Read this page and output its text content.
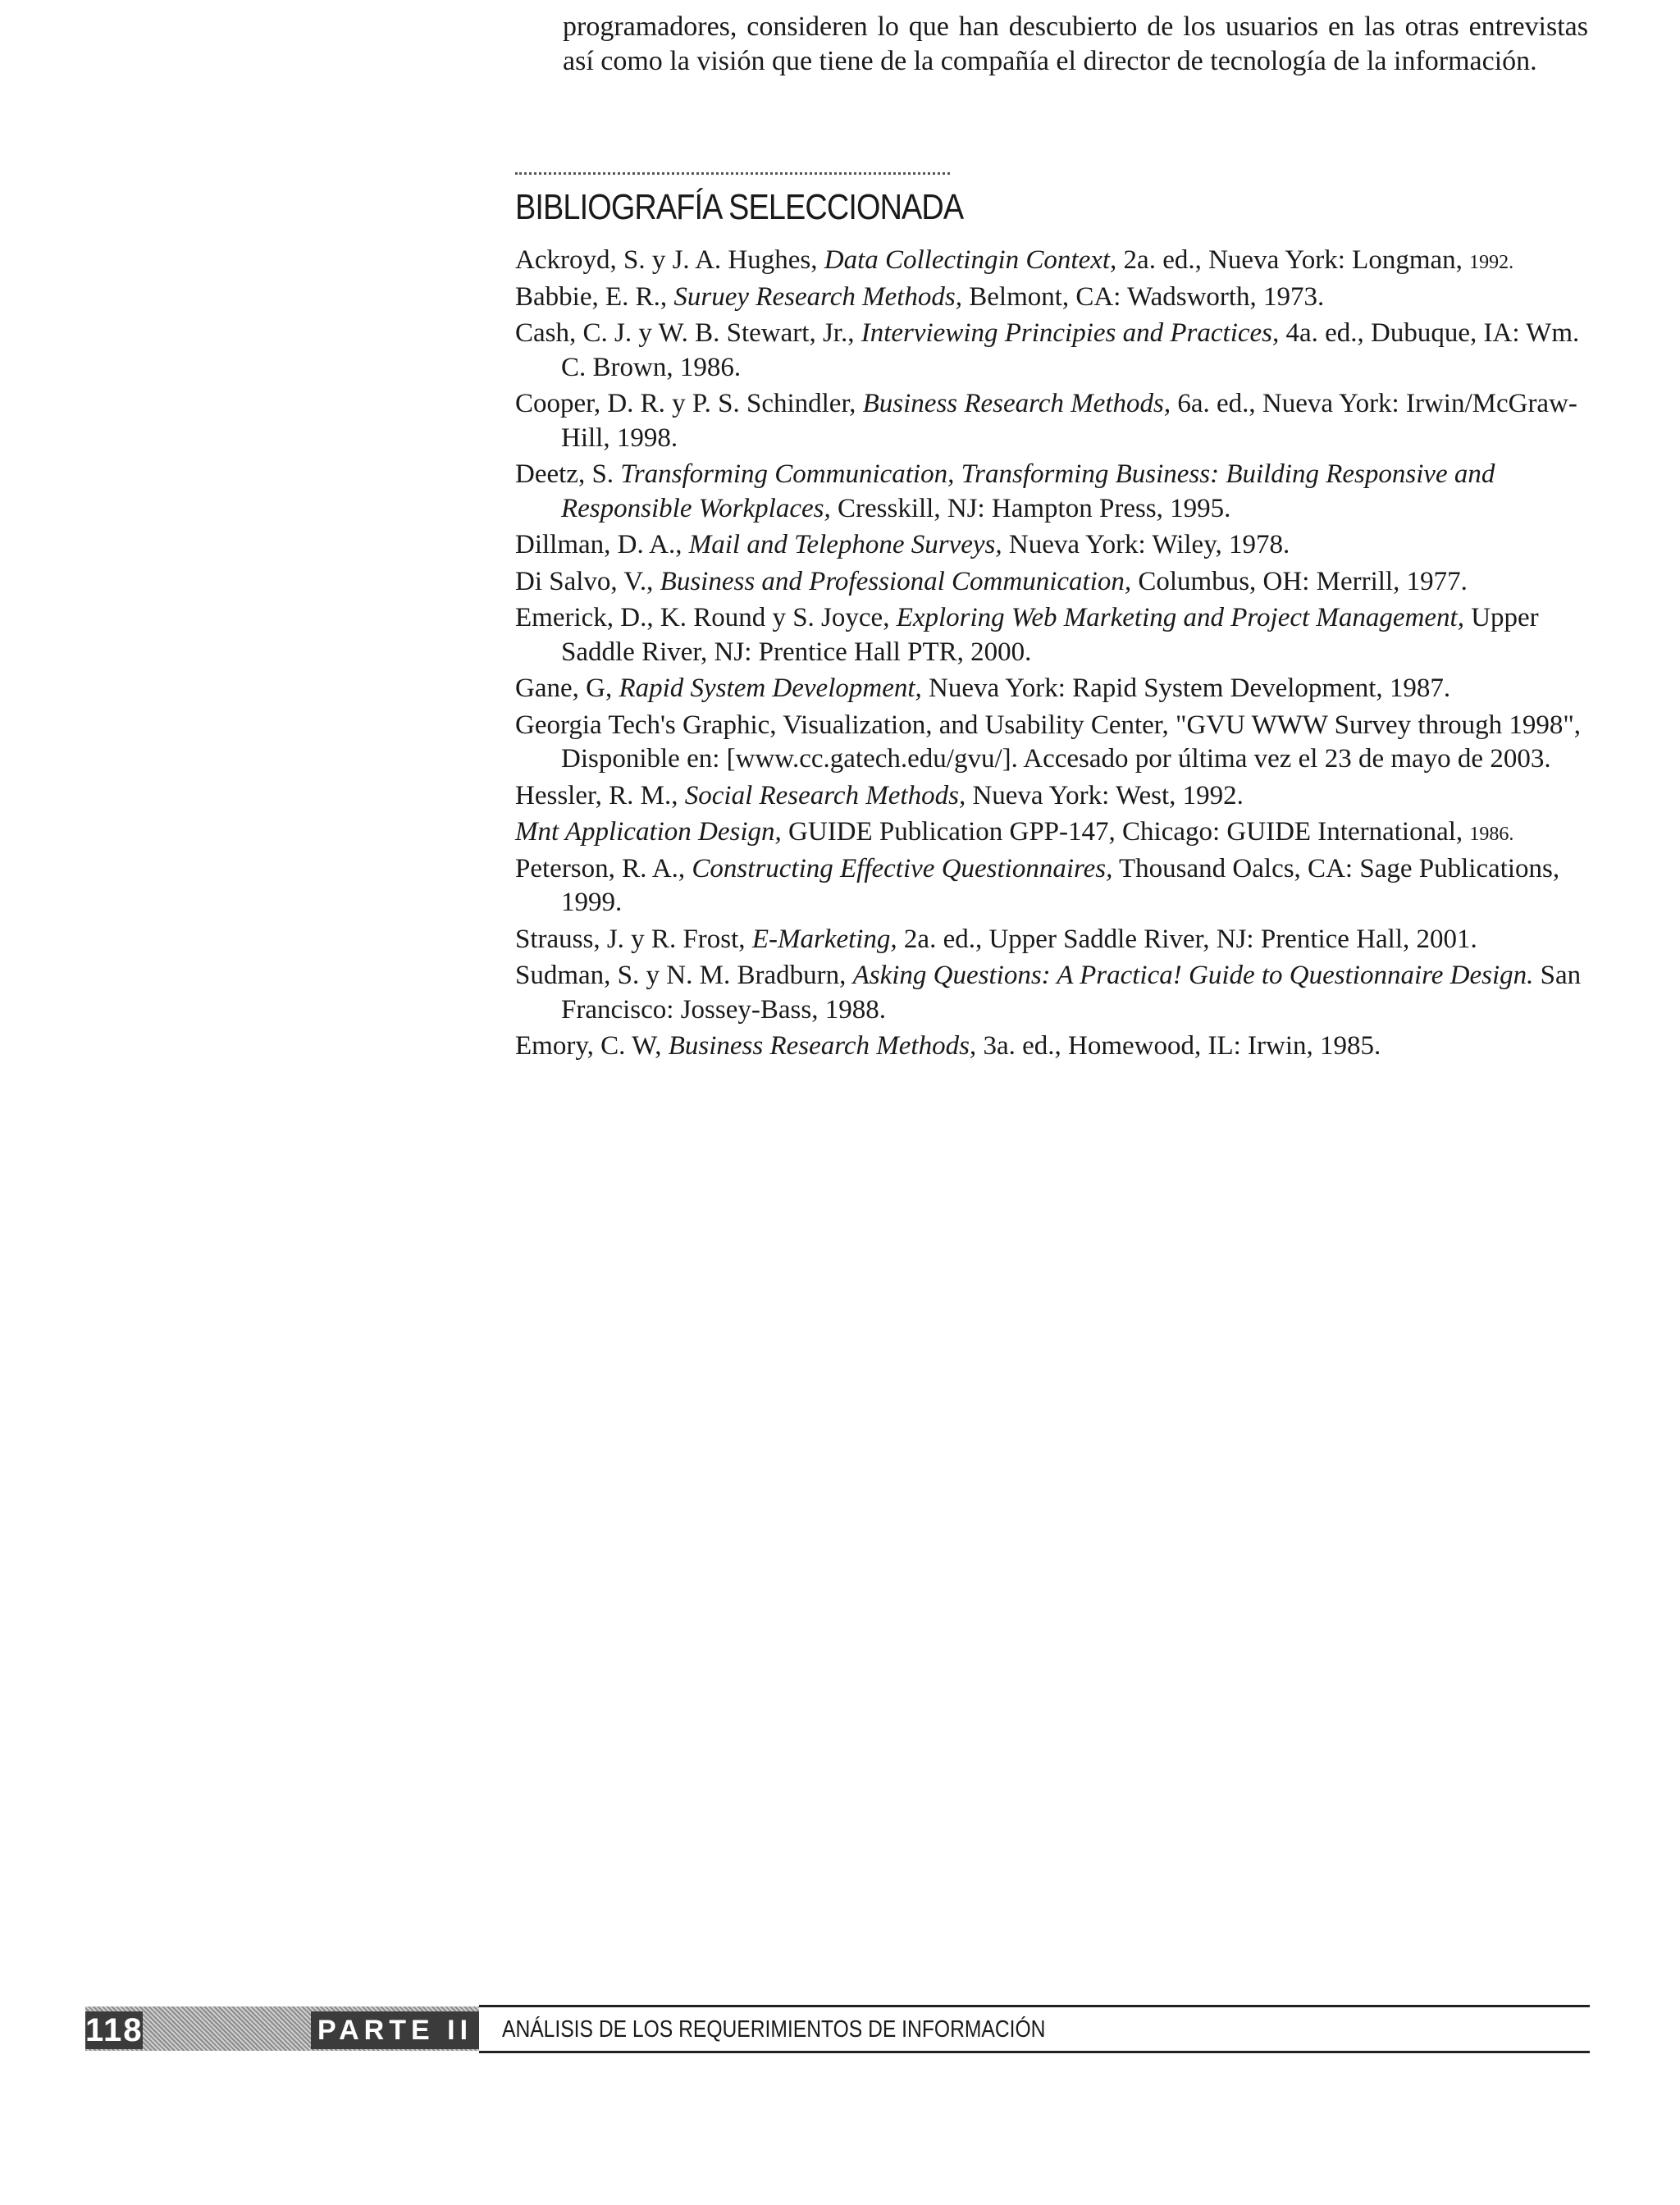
programadores, consideren lo que han descubierto de los usuarios en las otras entrevistas así como la visión que tiene de la compañía el director de tecnología de la información.

BIBLIOGRAFÍA SELECCIONADA
Ackroyd, S. y J. A. Hughes, Data Collectingin Context, 2a. ed., Nueva York: Longman, 1992.
Babbie, E. R., Suruey Research Methods, Belmont, CA: Wadsworth, 1973.
Cash, C. J. y W. B. Stewart, Jr., Interviewing Principies and Practices, 4a. ed., Dubuque, IA: Wm. C. Brown, 1986.
Cooper, D. R. y P. S. Schindler, Business Research Methods, 6a. ed., Nueva York: Irwin/McGraw-Hill, 1998.
Deetz, S. Transforming Communication, Transforming Business: Building Responsive and Responsible Workplaces, Cresskill, NJ: Hampton Press, 1995.
Dillman, D. A., Mail and Telephone Surveys, Nueva York: Wiley, 1978.
Di Salvo, V., Business and Professional Communication, Columbus, OH: Merrill, 1977.
Emerick, D., K. Round y S. Joyce, Exploring Web Marketing and Project Management, Upper Saddle River, NJ: Prentice Hall PTR, 2000.
Gane, G, Rapid System Development, Nueva York: Rapid System Development, 1987.
Georgia Tech's Graphic, Visualization, and Usability Center, "GVU WWW Survey through 1998", Disponible en: [www.cc.gatech.edu/gvu/]. Accesado por última vez el 23 de mayo de 2003.
Hessler, R. M., Social Research Methods, Nueva York: West, 1992.
Mnt Application Design, GUIDE Publication GPP-147, Chicago: GUIDE International, 1986.
Peterson, R. A., Constructing Effective Questionnaires, Thousand Oalcs, CA: Sage Publications, 1999.
Strauss, J. y R. Frost, E-Marketing, 2a. ed., Upper Saddle River, NJ: Prentice Hall, 2001.
Sudman, S. y N. M. Bradburn, Asking Questions: A Practica! Guide to Questionnaire Design. San Francisco: Jossey-Bass, 1988.
Emory, C. W, Business Research Methods, 3a. ed., Homewood, IL: Irwin, 1985.
118	PARTE II ANÁLISIS DE LOS REQUERIMIENTOS DE INFORMACIÓN
